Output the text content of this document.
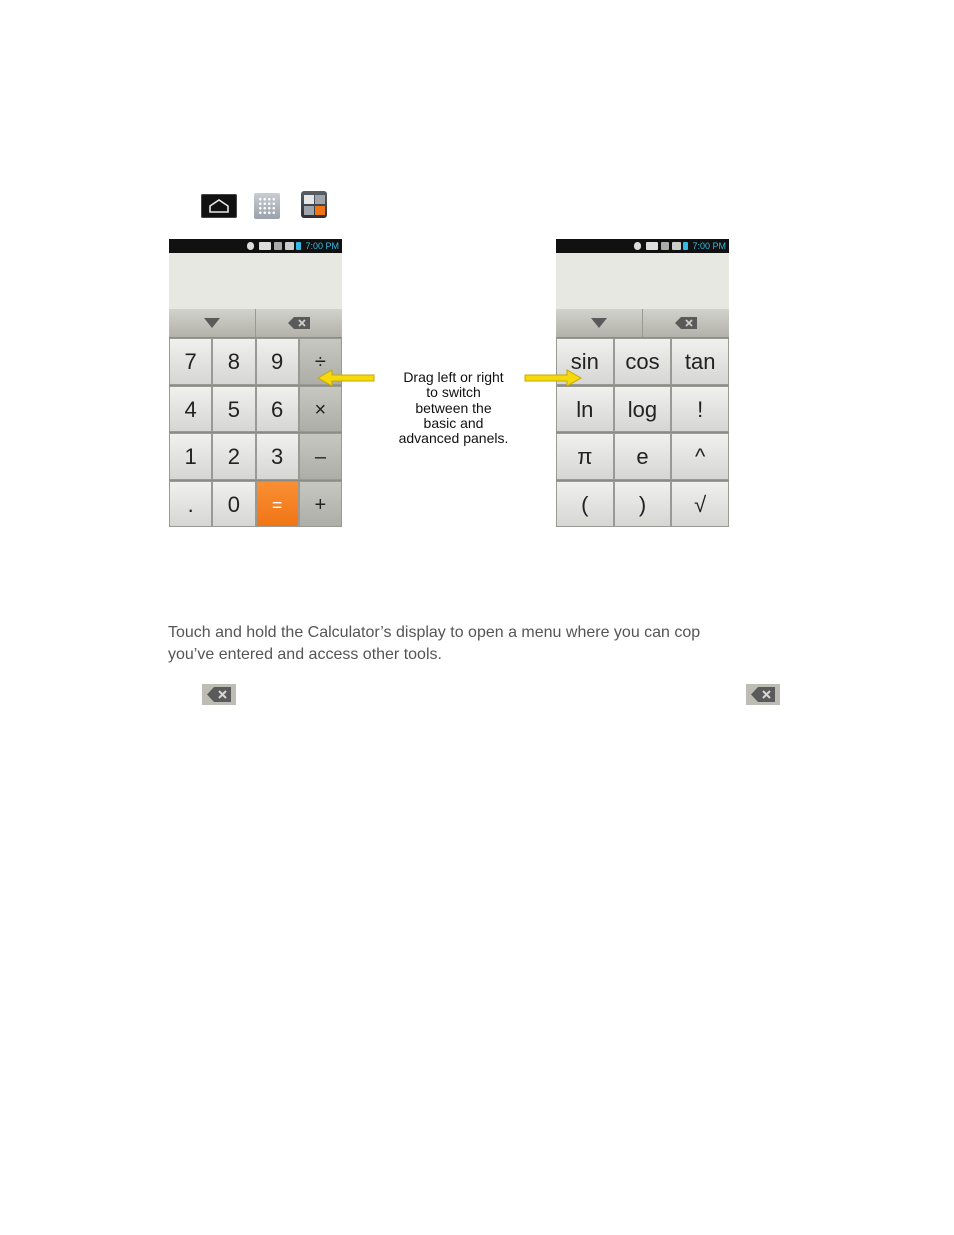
7:00 PM
7	8	9	÷
4	5	6	×
1	2	3	–
.	0	=	+
7:00 PM
sin	cos	tan
ln	log	!
π	e	^
(	)	√
Drag left or right
to switch
between the
basic and
advanced panels.
Touch and hold the Calculator’s display to open a menu where you can cop
you’ve entered and access other tools.
